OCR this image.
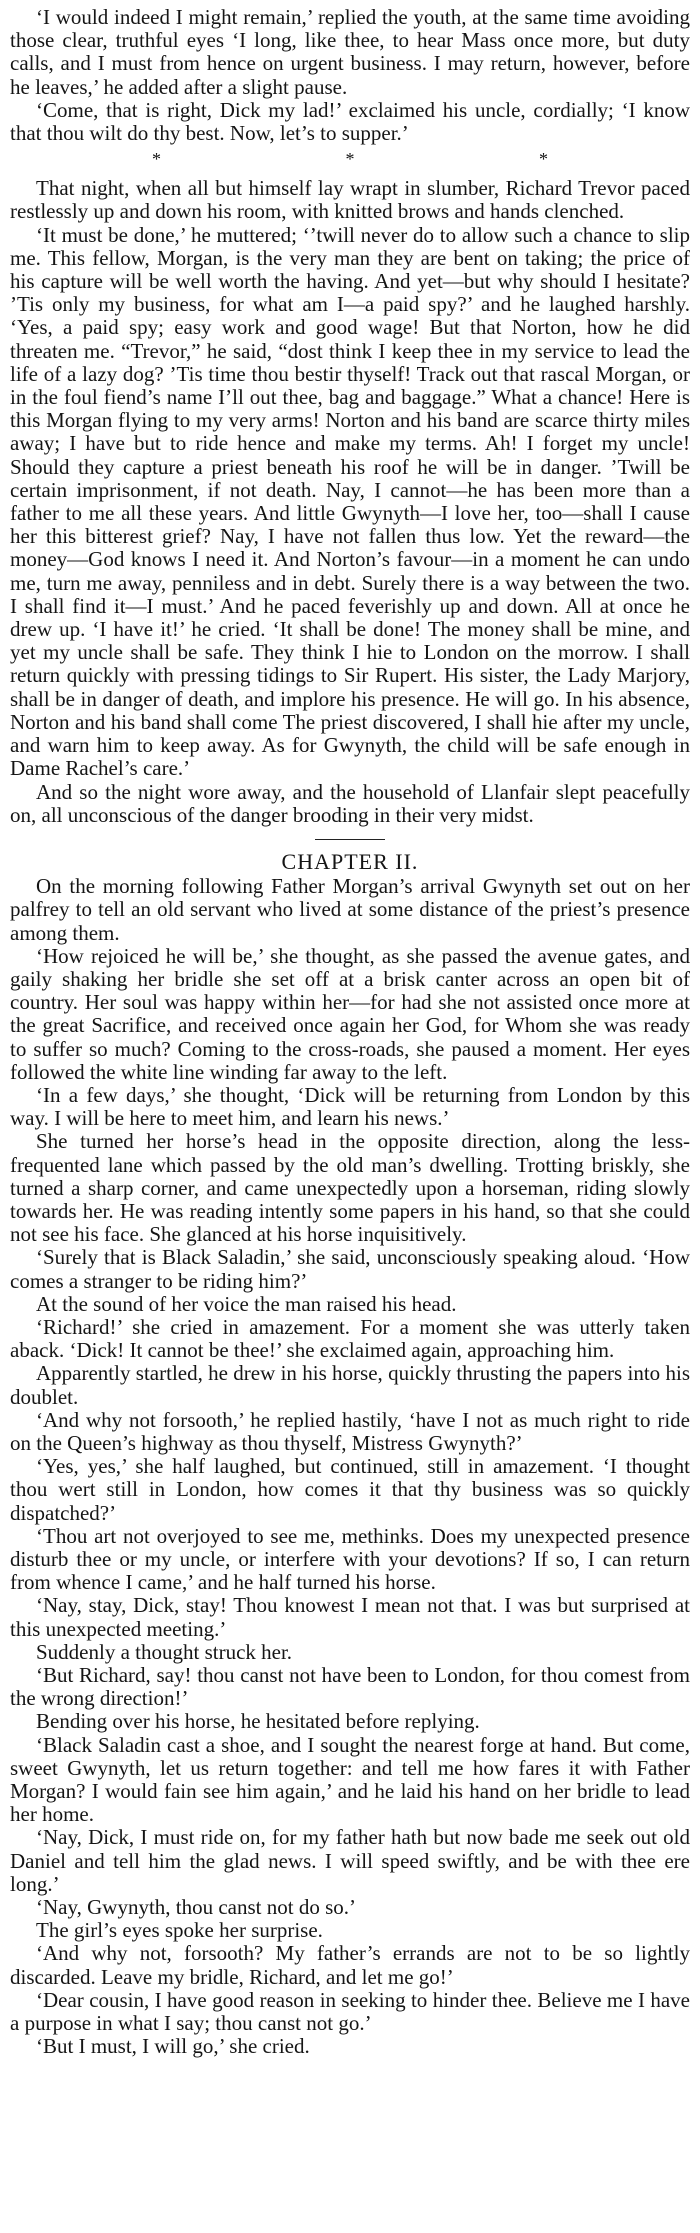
‘I would indeed I might remain,’ replied the youth, at the same time avoiding those clear, truthful eyes ‘I long, like thee, to hear Mass once more, but duty calls, and I must from hence on urgent business. I may return, however, before he leaves,’ he added after a slight pause.

‘Come, that is right, Dick my lad!’ exclaimed his uncle, cordially; ‘I know that thou wilt do thy best. Now, let’s to supper.’

* * *

That night, when all but himself lay wrapt in slumber, Richard Trevor paced restlessly up and down his room, with knitted brows and hands clenched.

‘It must be done,’ he muttered; ‘’twill never do to allow such a chance to slip me. This fellow, Morgan, is the very man they are bent on taking; the price of his capture will be well worth the having. And yet—but why should I hesitate? ’Tis only my business, for what am I—a paid spy?’ and he laughed harshly. ‘Yes, a paid spy; easy work and good wage! But that Norton, how he did threaten me. “Trevor,” he said, “dost think I keep thee in my service to lead the life of a lazy dog? ’Tis time thou bestir thyself! Track out that rascal Morgan, or in the foul fiend’s name I’ll out thee, bag and baggage.” What a chance! Here is this Morgan flying to my very arms! Norton and his band are scarce thirty miles away; I have but to ride hence and make my terms. Ah! I forget my uncle! Should they capture a priest beneath his roof he will be in danger. ’Twill be certain imprisonment, if not death. Nay, I cannot—he has been more than a father to me all these years. And little Gwynyth—I love her, too—shall I cause her this bitterest grief? Nay, I have not fallen thus low. Yet the reward—the money—God knows I need it. And Norton’s favour—in a moment he can undo me, turn me away, penniless and in debt. Surely there is a way between the two. I shall find it—I must.’ And he paced feverishly up and down. All at once he drew up. ‘I have it!’ he cried. ‘It shall be done! The money shall be mine, and yet my uncle shall be safe. They think I hie to London on the morrow. I shall return quickly with pressing tidings to Sir Rupert. His sister, the Lady Marjory, shall be in danger of death, and implore his presence. He will go. In his absence, Norton and his band shall come The priest discovered, I shall hie after my uncle, and warn him to keep away. As for Gwynyth, the child will be safe enough in Dame Rachel’s care.’

And so the night wore away, and the household of Llanfair slept peacefully on, all unconscious of the danger brooding in their very midst.

CHAPTER II.

On the morning following Father Morgan’s arrival Gwynyth set out on her palfrey to tell an old servant who lived at some distance of the priest’s presence among them.

‘How rejoiced he will be,’ she thought, as she passed the avenue gates, and gaily shaking her bridle she set off at a brisk canter across an open bit of country. Her soul was happy within her—for had she not assisted once more at the great Sacrifice, and received once again her God, for Whom she was ready to suffer so much? Coming to the cross-roads, she paused a moment. Her eyes followed the white line winding far away to the left.

‘In a few days,’ she thought, ‘Dick will be returning from London by this way. I will be here to meet him, and learn his news.’

She turned her horse’s head in the opposite direction, along the less-frequented lane which passed by the old man’s dwelling. Trotting briskly, she turned a sharp corner, and came unexpectedly upon a horseman, riding slowly towards her. He was reading intently some papers in his hand, so that she could not see his face. She glanced at his horse inquisitively.

‘Surely that is Black Saladin,’ she said, unconsciously speaking aloud. ‘How comes a stranger to be riding him?’

At the sound of her voice the man raised his head.

‘Richard!’ she cried in amazement. For a moment she was utterly taken aback. ‘Dick! It cannot be thee!’ she exclaimed again, approaching him.

Apparently startled, he drew in his horse, quickly thrusting the papers into his doublet.

‘And why not forsooth,’ he replied hastily, ‘have I not as much right to ride on the Queen’s highway as thou thyself, Mistress Gwynyth?’

‘Yes, yes,’ she half laughed, but continued, still in amazement. ‘I thought thou wert still in London, how comes it that thy business was so quickly dispatched?’

‘Thou art not overjoyed to see me, methinks. Does my unexpected presence disturb thee or my uncle, or interfere with your devotions? If so, I can return from whence I came,’ and he half turned his horse.

‘Nay, stay, Dick, stay! Thou knowest I mean not that. I was but surprised at this unexpected meeting.’

Suddenly a thought struck her.

‘But Richard, say! thou canst not have been to London, for thou comest from the wrong direction!’

Bending over his horse, he hesitated before replying.

‘Black Saladin cast a shoe, and I sought the nearest forge at hand. But come, sweet Gwynyth, let us return together: and tell me how fares it with Father Morgan? I would fain see him again,’ and he laid his hand on her bridle to lead her home.

‘Nay, Dick, I must ride on, for my father hath but now bade me seek out old Daniel and tell him the glad news. I will speed swiftly, and be with thee ere long.’

‘Nay, Gwynyth, thou canst not do so.’

The girl’s eyes spoke her surprise.

‘And why not, forsooth? My father’s errands are not to be so lightly discarded. Leave my bridle, Richard, and let me go!’

‘Dear cousin, I have good reason in seeking to hinder thee. Believe me I have a purpose in what I say; thou canst not go.’

‘But I must, I will go,’ she cried.
